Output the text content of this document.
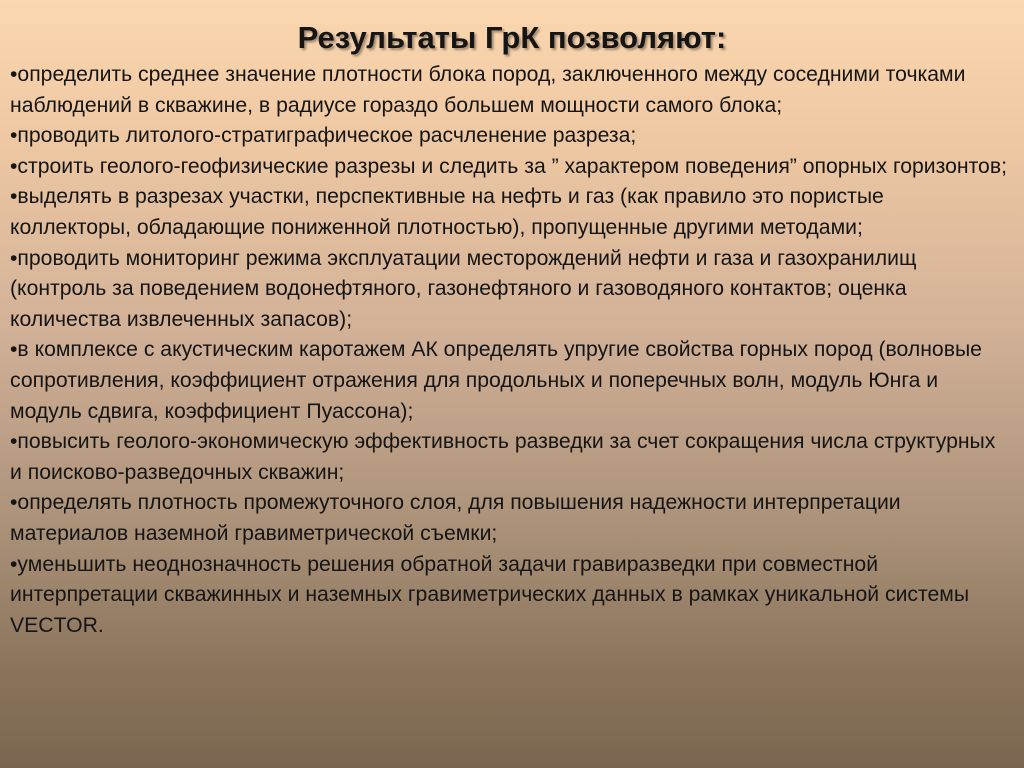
Результаты ГрК позволяют:
•определить среднее значение плотности блока пород, заключенного между соседними точками наблюдений в скважине, в радиусе гораздо большем мощности самого блока;
•проводить литолого-стратиграфическое расчленение разреза;
•строить геолого-геофизические разрезы и следить за ” характером поведения” опорных горизонтов;
•выделять в разрезах участки, перспективные на нефть и газ (как правило это пористые коллекторы, обладающие пониженной плотностью), пропущенные другими методами;
•проводить мониторинг режима эксплуатации месторождений нефти и газа и газохранилищ (контроль за поведением водонефтяного, газонефтяного и газоводяного контактов; оценка количества извлеченных запасов);
•в комплексе с акустическим каротажем АК определять упругие свойства горных пород (волновые сопротивления, коэффициент отражения для продольных и поперечных волн, модуль Юнга и модуль сдвига, коэффициент Пуассона);
•повысить геолого-экономическую эффективность разведки за счет сокращения числа структурных и поисково-разведочных скважин;
•определять плотность промежуточного слоя, для повышения надежности интерпретации материалов наземной гравиметрической съемки;
•уменьшить неоднозначность решения обратной задачи гравиразведки при совместной интерпретации скважинных и наземных гравиметрических данных в рамках уникальной системы VECTOR.
